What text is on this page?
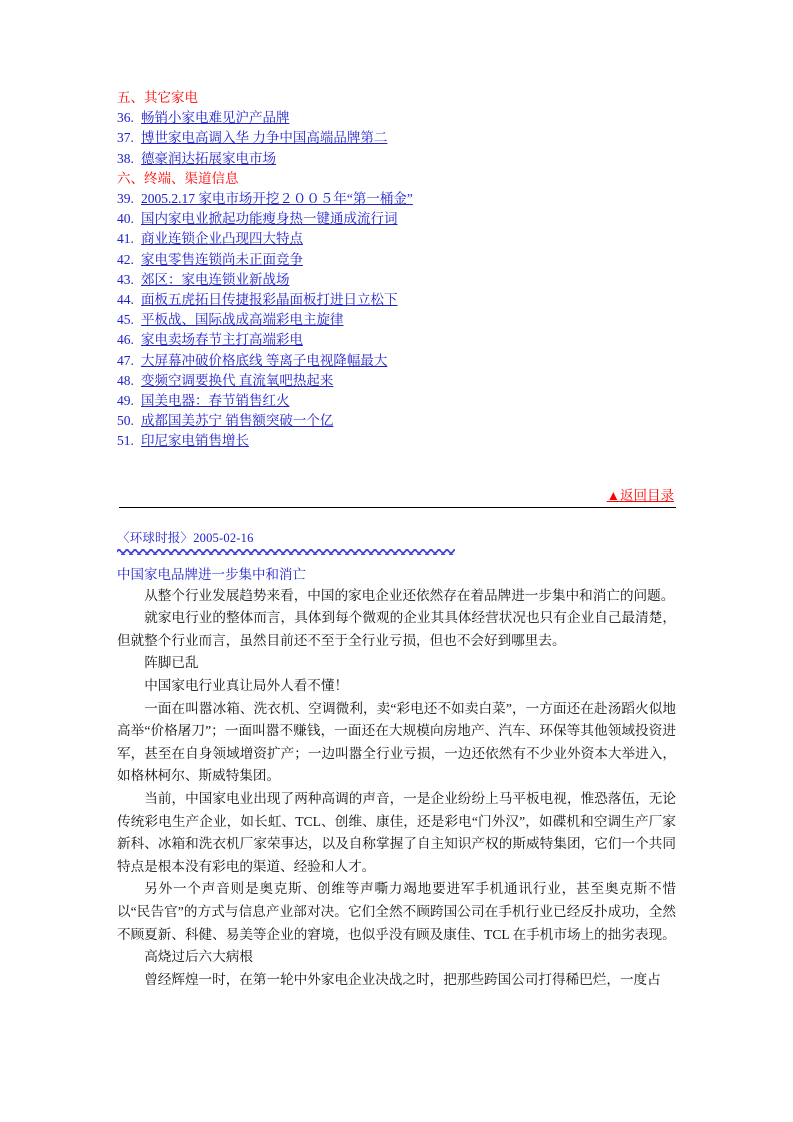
五、其它家电
36. 畅销小家电难见沪产品牌
37. 博世家电高调入华 力争中国高端品牌第二
38. 德豪润达拓展家电市场
六、终端、渠道信息
39. 2005.2.17 家电市场开挖２００５年“第一桶金”
40. 国内家电业掀起功能瘦身热一键通成流行词
41. 商业连锁企业凸现四大特点
42. 家电零售连锁尚未正面竞争
43. 郊区：家电连锁业新战场
44. 面板五虎拓日传捷报彩晶面板打进日立松下
45. 平板战、国际战成高端彩电主旋律
46. 家电卖场春节主打高端彩电
47. 大屏幕冲破价格底线 等离子电视降幅最大
48. 变频空调要换代 直流氧吧热起来
49. 国美电器：春节销售红火
50. 成都国美苏宁 销售额突破一个亿
51. 印尼家电销售增长
▲返回目录
〈环球时报〉2005-02-16
中国家电品牌进一步集中和消亡

从整个行业发展趋势来看，中国的家电企业还依然存在着品牌进一步集中和消亡的问题。

就家电行业的整体而言，具体到每个微观的企业其具体经营状况也只有企业自己最清楚，但就整个行业而言，虽然目前还不至于全行业亏损，但也不会好到哪里去。

阵脚已乱

中国家电行业真让局外人看不懂！

一面在叫嚣冰箱、洗衣机、空调微利，卖“彩电还不如卖白菜”，一方面还在赴汤蹈火似地高举“价格屠刀”；一面叫嚣不赚钱，一面还在大规模向房地产、汽车、环保等其他领域投资进军，甚至在自身领域增资扩产；一边叫嚣全行业亏损，一边还依然有不少业外资本大举进入，如格林柯尔、斯威特集团。

当前，中国家电业出现了两种高调的声音，一是企业纷纷上马平板电视，惟恐落伍，无论传统彩电生产企业，如长虹、TCL、创维、康佳，还是彩电“门外汉”，如碟机和空调生产厂家新科、冰箱和洗衣机厂家荣事达，以及自称掌握了自主知识产权的斯威特集团，它们一个共同特点是根本没有彩电的渠道、经验和人才。

另外一个声音则是奥克斯、创维等声嘶力竭地要进军手机通讯行业，甚至奥克斯不惜以“民告官”的方式与信息产业部对决。它们全然不顾跨国公司在手机行业已经反扑成功，全然不顾夏新、科健、易美等企业的窘境，也似乎没有顾及康佳、TCL 在手机市场上的拙劣表现。

高烧过后六大病根

曾经辉煌一时，在第一轮中外家电企业决战之时，把那些跨国公司打得稀巴烂，一度占
